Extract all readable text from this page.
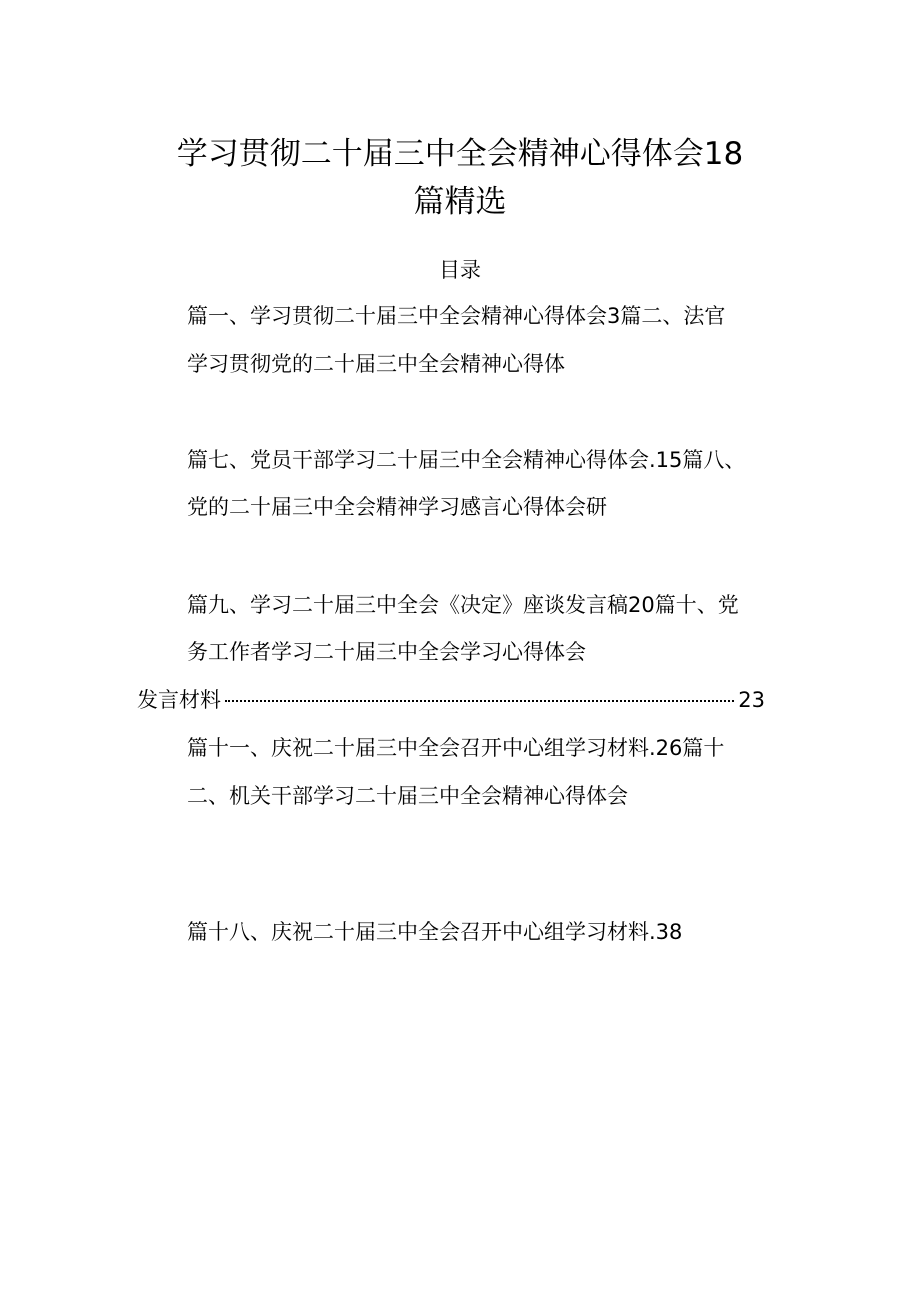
学习贯彻二十届三中全会精神心得体会18
篇精选
目录
篇一、学习贯彻二十届三中全会精神心得体会3篇二、法官
学习贯彻党的二十届三中全会精神心得体
篇七、党员干部学习二十届三中全会精神心得体会.15篇八、
党的二十届三中全会精神学习感言心得体会研
篇九、学习二十届三中全会《决定》座谈发言稿20篇十、党
务工作者学习二十届三中全会学习心得体会
发言材料	23
篇十一、庆祝二十届三中全会召开中心组学习材料.26篇十
二、机关干部学习二十届三中全会精神心得体会
篇十八、庆祝二十届三中全会召开中心组学习材料.38
